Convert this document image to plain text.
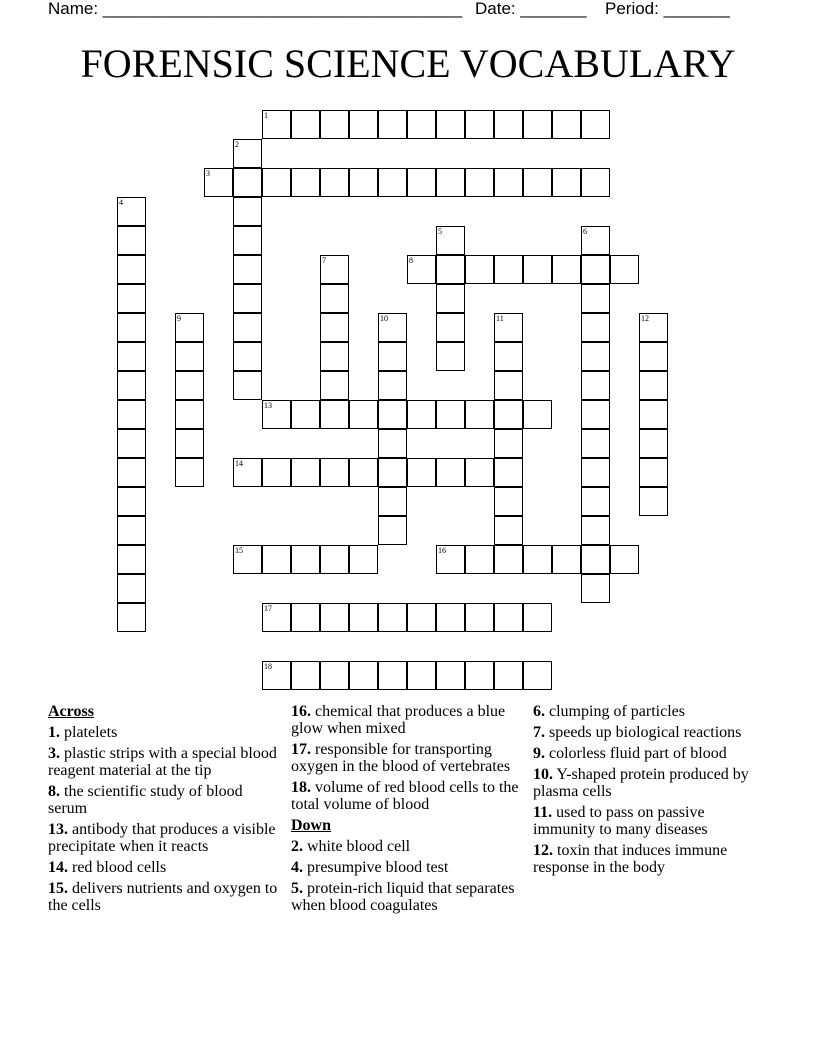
Name: ______________________________________ Date: _______ Period: _______
FORENSIC SCIENCE VOCABULARY
1
2
3
4
5	6
7	8
9	10	11	12
13
14
15	16
17
18
Across
1. platelets
3. plastic strips with a special blood reagent material at the tip
8. the scientific study of blood serum
13. antibody that produces a visible precipitate when it reacts
14. red blood cells
15. delivers nutrients and oxygen to the cells
16. chemical that produces a blue glow when mixed
17. responsible for transporting oxygen in the blood of vertebrates
18. volume of red blood cells to the total volume of blood
Down
2. white blood cell
4. presumpive blood test
5. protein-rich liquid that separates when blood coagulates
6. clumping of particles
7. speeds up biological reactions
9. colorless fluid part of blood
10. Y-shaped protein produced by plasma cells
11. used to pass on passive immunity to many diseases
12. toxin that induces immune response in the body
